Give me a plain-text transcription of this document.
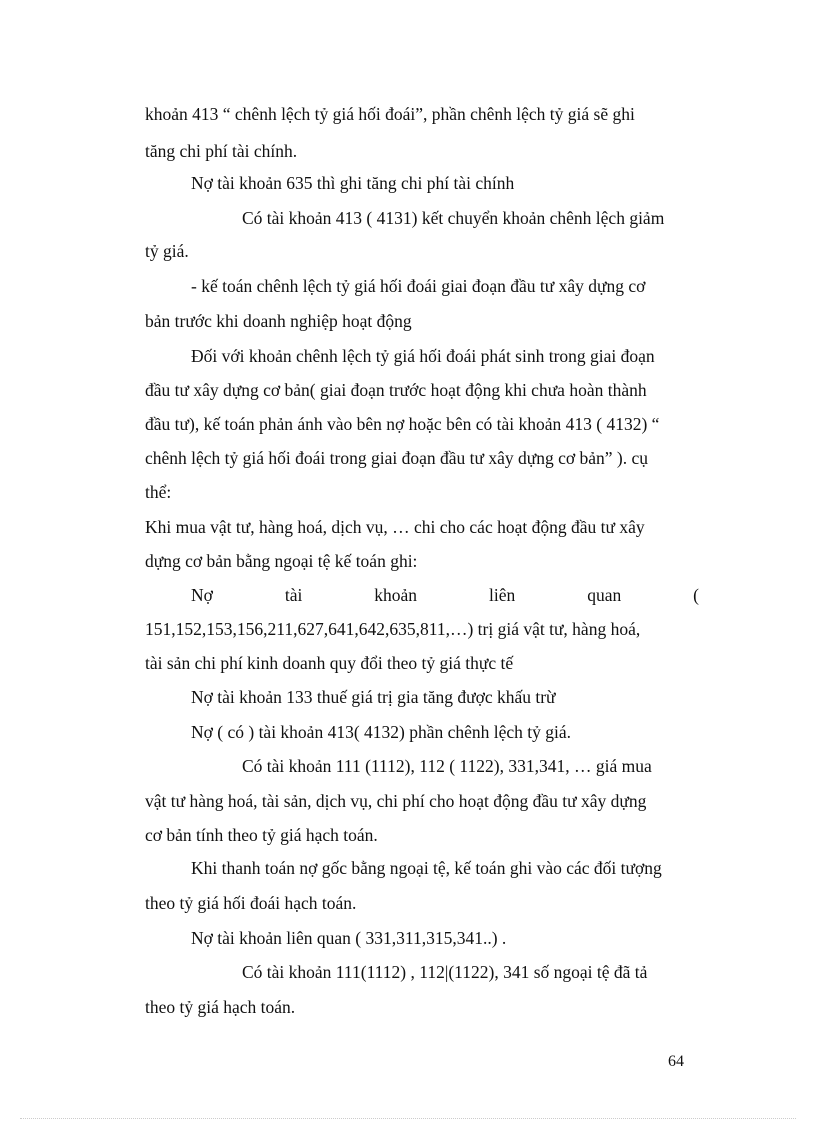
khoản 413 “ chênh lệch tỷ giá hối đoái”, phần chênh lệch tỷ giá sẽ ghi
tăng chi phí tài chính.
Nợ tài khoản 635 thì ghi tăng chi phí tài chính
Có tài khoản 413 ( 4131) kết chuyển khoản chênh lệch giảm
tỷ giá.
- kế toán chênh lệch tỷ giá hối đoái giai đoạn đầu tư xây dựng cơ
bản trước khi doanh nghiệp hoạt động
Đối với khoản chênh lệch tỷ giá hối đoái phát sinh trong giai đoạn
đầu tư xây dựng cơ bản( giai đoạn trước hoạt động khi chưa hoàn thành
đầu tư), kế toán phản ánh vào bên nợ hoặc bên có tài khoản 413 ( 4132) “
chênh lệch tỷ giá hối đoái trong giai đoạn đầu tư xây dựng cơ bản” ). cụ
thể:
Khi mua vật tư, hàng hoá, dịch vụ, … chi cho các hoạt động đầu tư xây
dựng cơ bản bằng ngoại tệ kế toán ghi:
Nợ	tài	khoản	liên	quan	(
151,152,153,156,211,627,641,642,635,811,…) trị giá vật tư, hàng hoá,
tài sản chi phí kinh doanh quy đổi theo tỷ giá thực tế
Nợ tài khoản 133 thuế giá trị gia tăng được khấu trừ
Nợ ( có ) tài khoản 413( 4132) phần chênh lệch tỷ giá.
Có tài khoản 111 (1112), 112 ( 1122), 331,341, … giá mua
vật tư hàng hoá, tài sản, dịch vụ, chi phí cho hoạt động đầu tư xây dựng
cơ bản tính theo tỷ giá hạch toán.
Khi thanh toán nợ gốc bằng ngoại tệ, kế toán ghi vào các đối tượng
theo tỷ giá hối đoái hạch toán.
Nợ tài khoản liên quan ( 331,311,315,341..) .
Có tài khoản 111(1112) , 112|(1122), 341 số ngoại tệ đã tả
theo tỷ giá hạch toán.
64
